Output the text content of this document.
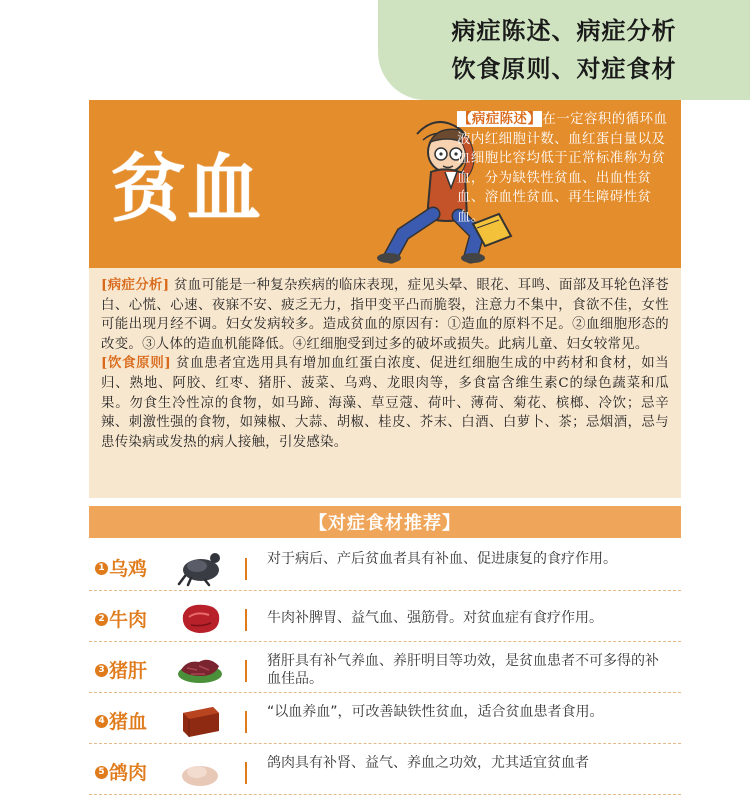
病症陈述、病症分析
饮食原则、对症食材
贫血
【病症陈述】在一定容积的循环血液内红细胞计数、血红蛋白量以及血细胞比容均低于正常标准称为贫血，分为缺铁性贫血、出血性贫血、溶血性贫血、再生障碍性贫血。

[病症分析] 贫血可能是一种复杂疾病的临床表现，症见头晕、眼花、耳鸣、面部及耳轮色泽苍白、心慌、心速、夜寐不安、疲乏无力，指甲变平凸而脆裂，注意力不集中，食欲不佳，女性可能出现月经不调。妇女发病较多。造成贫血的原因有：①造血的原料不足。②血细胞形态的改变。③人体的造血机能降低。④红细胞受到过多的破坏或损失。此病儿童、妇女较常见。

[饮食原则] 贫血患者宜选用具有增加血红蛋白浓度、促进红细胞生成的中药材和食材，如当归、熟地、阿胶、红枣、猪肝、菠菜、乌鸡、龙眼肉等，多食富含维生素C的绿色蔬菜和瓜果。勿食生冷性凉的食物，如马蹄、海藻、草豆蔻、荷叶、薄荷、菊花、槟榔、冷饮；忌辛辣、刺激性强的食物，如辣椒、大蒜、胡椒、桂皮、芥末、白酒、白萝卜、茶；忌烟酒，忌与患传染病或发热的病人接触，引发感染。

【对症食材推荐】
1 乌鸡	对于病后、产后贫血者具有补血、促进康复的食疗作用。
2 牛肉	牛肉补脾胃、益气血、强筋骨。对贫血症有食疗作用。
3 猪肝	猪肝具有补气养血、养肝明目等功效，是贫血患者不可多得的补血佳品。
4 猪血	“以血养血”，可改善缺铁性贫血，适合贫血患者食用。
5 鸽肉	鸽肉具有补肾、益气、养血之功效，尤其适宜贫血者
